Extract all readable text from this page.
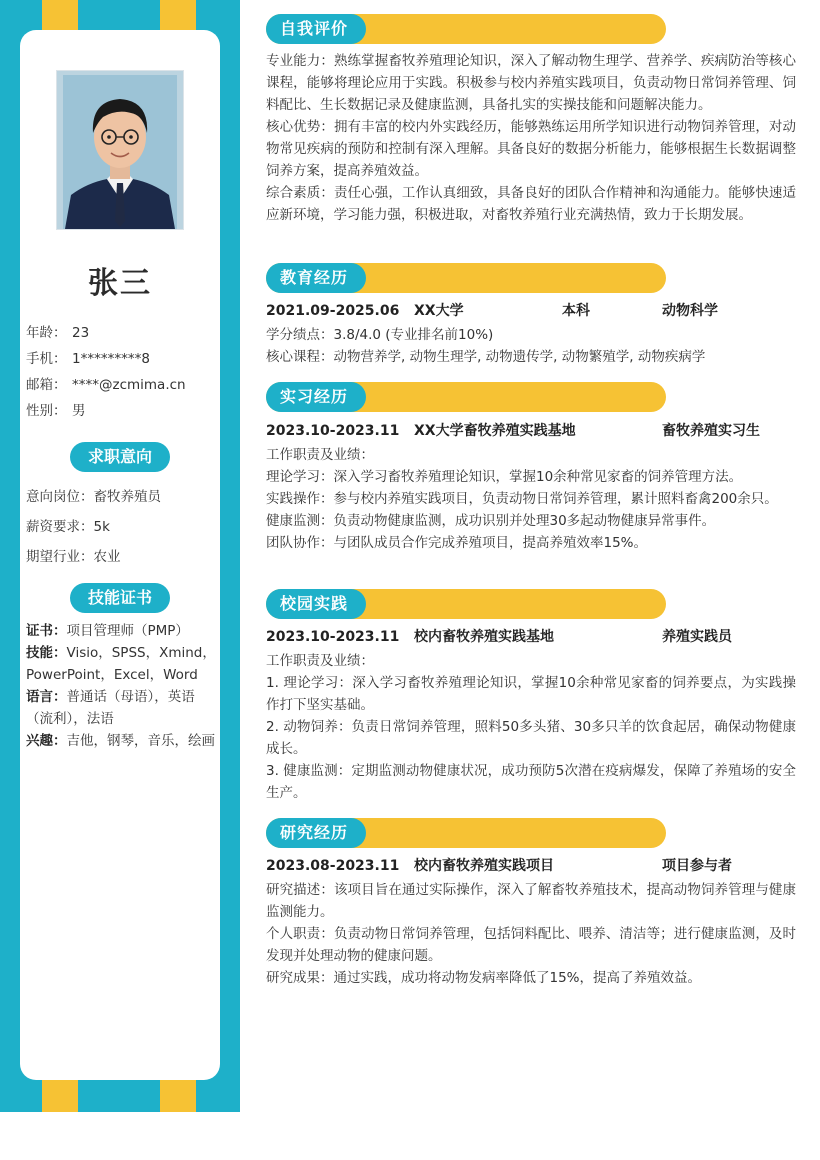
张三
年龄： 23
手机： 1*********8
邮箱： ****@zcmima.cn
性别： 男
求职意向
意向岗位：畜牧养殖员
薪资要求：5k
期望行业：农业
技能证书
证书：项目管理师（PMP）
技能：Visio，SPSS，Xmind，PowerPoint，Excel，Word
语言：普通话（母语），英语（流利），法语
兴趣：吉他，钢琴，音乐，绘画
自我评价

专业能力：熟练掌握畜牧养殖理论知识，深入了解动物生理学、营养学、疾病防治等核心课程，能够将理论应用于实践。积极参与校内养殖实践项目，负责动物日常饲养管理、饲料配比、生长数据记录及健康监测，具备扎实的实操技能和问题解决能力。

核心优势：拥有丰富的校内外实践经历，能够熟练运用所学知识进行动物饲养管理，对动物常见疾病的预防和控制有深入理解。具备良好的数据分析能力，能够根据生长数据调整饲养方案，提高养殖效益。

综合素质：责任心强，工作认真细致，具备良好的团队合作精神和沟通能力。能够快速适应新环境，学习能力强，积极进取，对畜牧养殖行业充满热情，致力于长期发展。

教育经历
2021.09-2025.06 XX大学	本科	动物科学

学分绩点：3.8/4.0 (专业排名前10%)

核心课程：动物营养学, 动物生理学, 动物遗传学, 动物繁殖学, 动物疾病学

实习经历
2023.10-2023.11 XX大学畜牧养殖实践基地	畜牧养殖实习生

工作职责及业绩：

理论学习：深入学习畜牧养殖理论知识，掌握10余种常见家畜的饲养管理方法。

实践操作：参与校内养殖实践项目，负责动物日常饲养管理，累计照料畜禽200余只。

健康监测：负责动物健康监测，成功识别并处理30多起动物健康异常事件。

团队协作：与团队成员合作完成养殖项目，提高养殖效率15%。

校园实践
2023.10-2023.11 校内畜牧养殖实践基地	养殖实践员

工作职责及业绩：

1. 理论学习：深入学习畜牧养殖理论知识，掌握10余种常见家畜的饲养要点，为实践操作打下坚实基础。

2. 动物饲养：负责日常饲养管理，照料50多头猪、30多只羊的饮食起居，确保动物健康成长。

3. 健康监测：定期监测动物健康状况，成功预防5次潜在疫病爆发，保障了养殖场的安全生产。

研究经历
2023.08-2023.11 校内畜牧养殖实践项目	项目参与者

研究描述：该项目旨在通过实际操作，深入了解畜牧养殖技术，提高动物饲养管理与健康监测能力。

个人职责：负责动物日常饲养管理，包括饲料配比、喂养、清洁等；进行健康监测，及时发现并处理动物的健康问题。

研究成果：通过实践，成功将动物发病率降低了15%，提高了养殖效益。
